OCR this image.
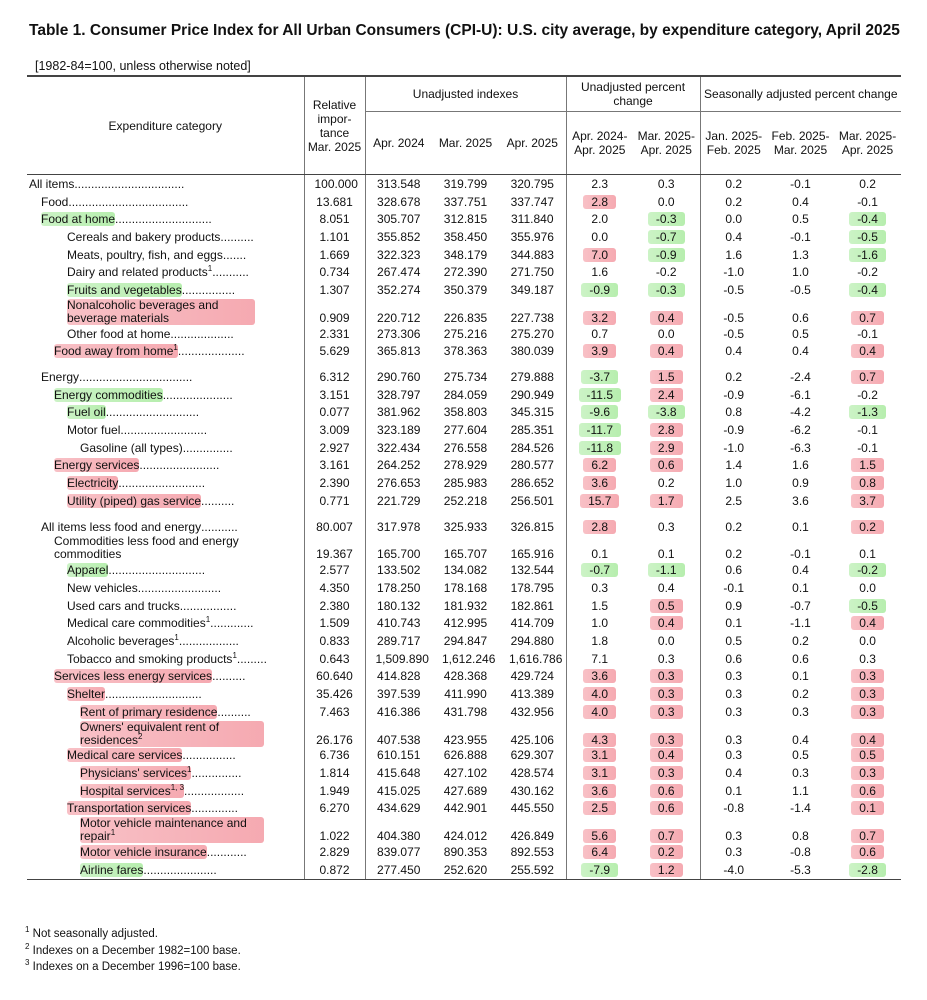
Table 1. Consumer Price Index for All Urban Consumers (CPI-U): U.S. city average, by expenditure category, April 2025
[1982-84=100, unless otherwise noted]
Expenditure category	Relative impor- tance Mar. 2025	Unadjusted indexes			Unadjusted percent change		Seasonally adjusted percent change		
		Apr. 2024	Mar. 2025	Apr. 2025	Apr. 2024- Apr. 2025	Mar. 2025- Apr. 2025	Jan. 2025- Feb. 2025	Feb. 2025- Mar. 2025	Mar. 2025- Apr. 2025
All items.................................	100.000	313.548	319.799	320.795	2.3	0.3	0.2	-0.1	0.2
Food....................................	13.681	328.678	337.751	337.747	2.8	0.0	0.2	0.4	-0.1
Food at home.............................	8.051	305.707	312.815	311.840	2.0	-0.3	0.0	0.5	-0.4
Cereals and bakery products..........	1.101	355.852	358.450	355.976	0.0	-0.7	0.4	-0.1	-0.5
Meats, poultry, fish, and eggs.......	1.669	322.323	348.179	344.883	7.0	-0.9	1.6	1.3	-1.6
Dairy and related products$^1$...........	0.734	267.474	272.390	271.750	1.6	-0.2	-1.0	1.0	-0.2
Fruits and vegetables................	1.307	352.274	350.379	349.187	-0.9	-0.3	-0.5	-0.5	-0.4

Nonalcoholic beverages and beverage materials	0.909	220.712	226.835	227.738	3.2	0.4	-0.5	0.6	0.7
Other food at home...................	2.331	273.306	275.216	275.270	0.7	0.0	-0.5	0.5	-0.1
Food away from home$^1$....................	5.629	365.813	378.363	380.039	3.9	0.4	0.4	0.4	0.4

Energy..................................	6.312	290.760	275.734	279.888	-3.7	1.5	0.2	-2.4	0.7
Energy commodities.....................	3.151	328.797	284.059	290.949	-11.5	2.4	-0.9	-6.1	-0.2
Fuel oil............................	0.077	381.962	358.803	345.315	-9.6	-3.8	0.8	-4.2	-1.3
Motor fuel..........................	3.009	323.189	277.604	285.351	-11.7	2.8	-0.9	-6.2	-0.1
Gasoline (all types)...............	2.927	322.434	276.558	284.526	-11.8	2.9	-1.0	-6.3	-0.1
Energy services........................	3.161	264.252	278.929	280.577	6.2	0.6	1.4	1.6	1.5
Electricity..........................	2.390	276.653	285.983	286.652	3.6	0.2	1.0	0.9	0.8
Utility (piped) gas service..........	0.771	221.729	252.218	256.501	15.7	1.7	2.5	3.6	3.7

All items less food and energy...........	80.007	317.978	325.933	326.815	2.8	0.3	0.2	0.1	0.2

Commodities less food and energy commodities	19.367	165.700	165.707	165.916	0.1	0.1	0.2	-0.1	0.1
Apparel.............................	2.577	133.502	134.082	132.544	-0.7	-1.1	0.6	0.4	-0.2
New vehicles.........................	4.350	178.250	178.168	178.795	0.3	0.4	-0.1	0.1	0.0
Used cars and trucks.................	2.380	180.132	181.932	182.861	1.5	0.5	0.9	-0.7	-0.5
Medical care commodities$^1$.............	1.509	410.743	412.995	414.709	1.0	0.4	0.1	-1.1	0.4
Alcoholic beverages$^1$..................	0.833	289.717	294.847	294.880	1.8	0.0	0.5	0.2	0.0
Tobacco and smoking products$^1$.........	0.643	1,509.890	1,612.246	1,616.786	7.1	0.3	0.6	0.6	0.3
Services less energy services..........	60.640	414.828	428.368	429.724	3.6	0.3	0.3	0.1	0.3
Shelter.............................	35.426	397.539	411.990	413.389	4.0	0.3	0.3	0.2	0.3
Rent of primary residence..........	7.463	416.386	431.798	432.956	4.0	0.3	0.3	0.3	0.3

Owners' equivalent rent of residences$^2$	26.176	407.538	423.955	425.106	4.3	0.3	0.3	0.4	0.4
Medical care services................	6.736	610.151	626.888	629.307	3.1	0.4	0.3	0.5	0.5
Physicians' services$^1$...............	1.814	415.648	427.102	428.574	3.1	0.3	0.4	0.3	0.3
Hospital services$^{1, 3}$..................	1.949	415.025	427.689	430.162	3.6	0.6	0.1	1.1	0.6
Transportation services..............	6.270	434.629	442.901	445.550	2.5	0.6	-0.8	-1.4	0.1

Motor vehicle maintenance and repair$^1$	1.022	404.380	424.012	426.849	5.6	0.7	0.3	0.8	0.7
Motor vehicle insurance............	2.829	839.077	890.353	892.553	6.4	0.2	0.3	-0.8	0.6
Airline fares......................	0.872	277.450	252.620	255.592	-7.9	1.2	-4.0	-5.3	-2.8
$^1$ Not seasonally adjusted.
$^2$ Indexes on a December 1982=100 base.
$^3$ Indexes on a December 1996=100 base.
